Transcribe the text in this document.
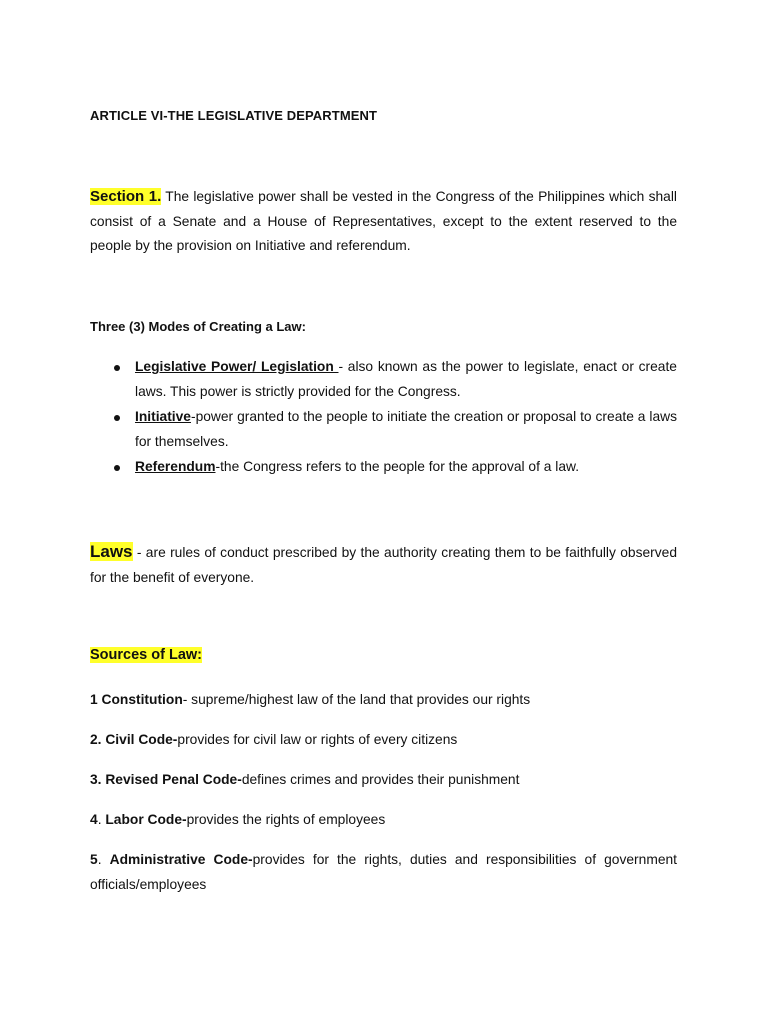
ARTICLE VI-THE LEGISLATIVE DEPARTMENT
Section 1. The legislative power shall be vested in the Congress of the Philippines which shall consist of a Senate and a House of Representatives, except to the extent reserved to the people by the provision on Initiative and referendum.
Three (3) Modes of Creating a Law:
Legislative Power/ Legislation - also known as the power to legislate, enact or create laws. This power is strictly provided for the Congress.
Initiative-power granted to the people to initiate the creation or proposal to create a laws for themselves.
Referendum-the Congress refers to the people for the approval of a law.
Laws - are rules of conduct prescribed by the authority creating them to be faithfully observed for the benefit of everyone.
Sources of Law:
1 Constitution- supreme/highest law of the land that provides our rights
2. Civil Code-provides for civil law or rights of every citizens
3. Revised Penal Code-defines crimes and provides their punishment
4. Labor Code-provides the rights of employees
5. Administrative Code-provides for the rights, duties and responsibilities of government officials/employees
